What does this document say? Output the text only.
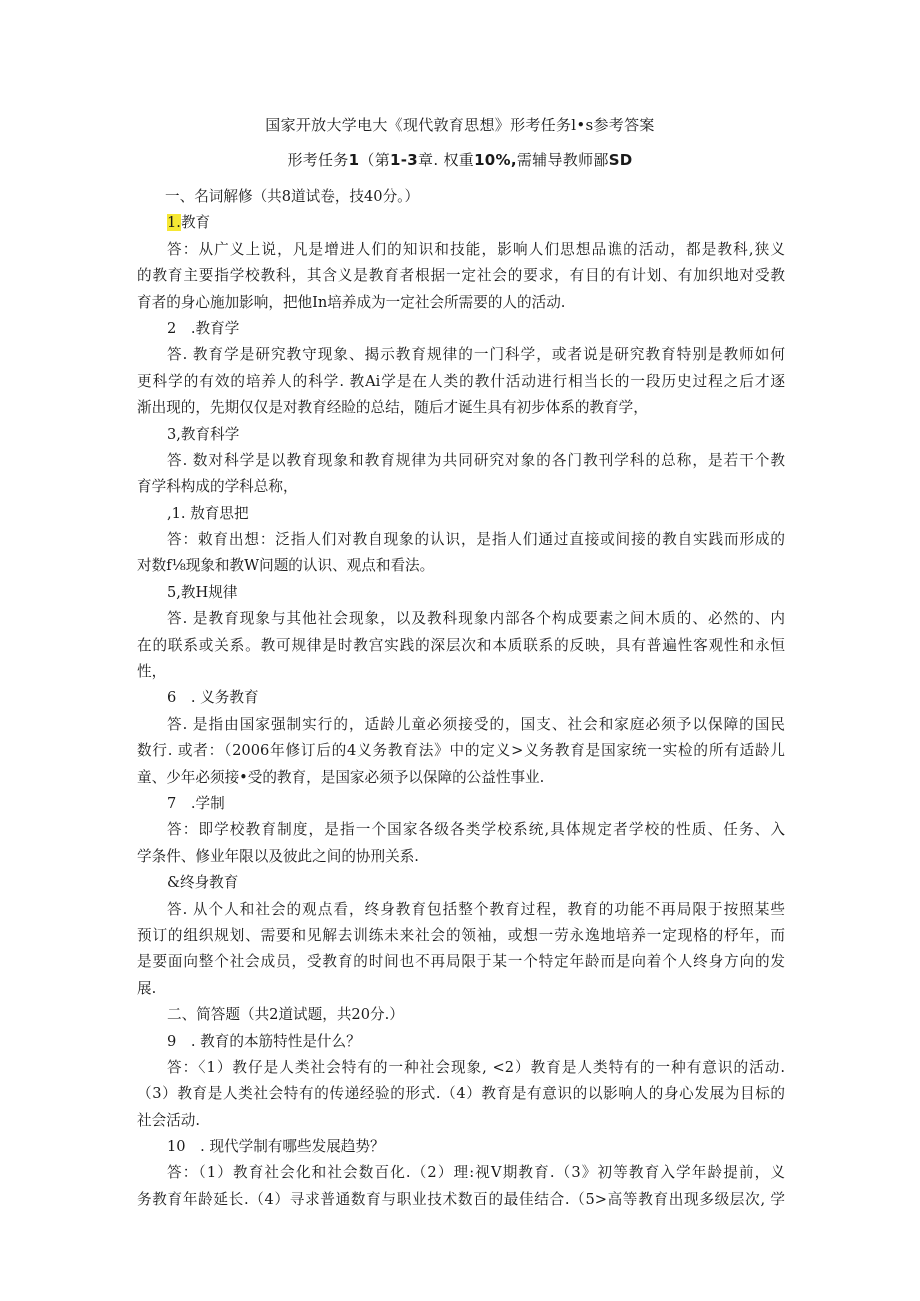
国家开放大学电大《现代敦育思想》形考任务l•s参考答案
形考任务1（第1-3章. 权重10%,需辅导教师鄙SD
一、名词解修（共8道试卷，技40分。）
1.教育
答：从广义上说，凡是增进人们的知识和技能，影响人们思想品谯的活动，都是教科,狭义
的教育主要指学校教科，其含义是教育者根据一定社会的要求，有目的有计划、有加织地对受教
育者的身心施加影响，把他In培养成为一定社会所需要的人的活动.
2 .教育学
答. 教育学是研究教守现象、揭示教育规律的一门科学，或者说是研究教育特别是教师如何
更科学的有效的培养人的科学. 教Ai学是在人类的教什活动进行相当长的一段历史过程之后才逐
渐出现的，先期仅仅是对教育经睑的总结，随后才诞生具有初步体系的教育学，
3,教育科学
答. 数对科学是以教育现象和教育规律为共同研究对象的各门教刊学科的总称，是若干个教
育学科构成的学科总称，
,1. 敖育思把
答：敕育出想：泛指人们对教自现象的认识，是指人们通过直接或间接的教自实践而形成的
对数f⅛现象和教W问题的认识、观点和看法。
5,教H规律
答. 是教育现象与其他社会现象，以及教科现象内部各个构成要素之间木质的、必然的、内
在的联系或关系。教可规律是时教宫实践的深层次和本质联系的反映，具有普遍性客观性和永恒
性，
6 . 义务教育
答. 是指由国家强制实行的，适龄儿童必须接受的，国支、社会和家庭必须予以保障的国民
数行. 或者：（2006年修订后的4义务教育法》中的定义>义务教育是国家统一实检的所有适龄儿
童、少年必须接•受的教育，是国家必须予以保障的公益性事业.
7 .学制
答：即学校教育制度，是指一个国家各级各类学校系统,具体规定者学校的性质、任务、入
学条件、修业年限以及彼此之间的协刑关系.
&终身教育
答. 从个人和社会的观点看，终身教育包括整个教育过程，教育的功能不再局限于按照某些
预订的组织规划、需要和见解去训练未来社会的领袖，或想一劳永逸地培养一定现格的杼年，而
是要面向整个社会成员，受教育的时间也不再局限于某一个特定年龄而是向着个人终身方向的发
展.
二、简答题（共2道试题，共20分.）
9 . 教育的本筋特性是什么？
答：〈1）教仔是人类社会特有的一种社会现象, <2）教育是人类特有的一种有意识的活动.
（3）教育是人类社会特有的传递经验的形式.（4）教育是有意识的以影响人的身心发展为目标的
社会活动.
10 . 现代学制有哪些发展趋势？
答：（1）教育社会化和社会数百化.（2）理:视V期教育.（3》初等教育入学年龄提前，义
务教育年龄延长.（4）寻求普通数育与职业技术数百的最佳结合.（5>高等教育出现多级层次, 学
